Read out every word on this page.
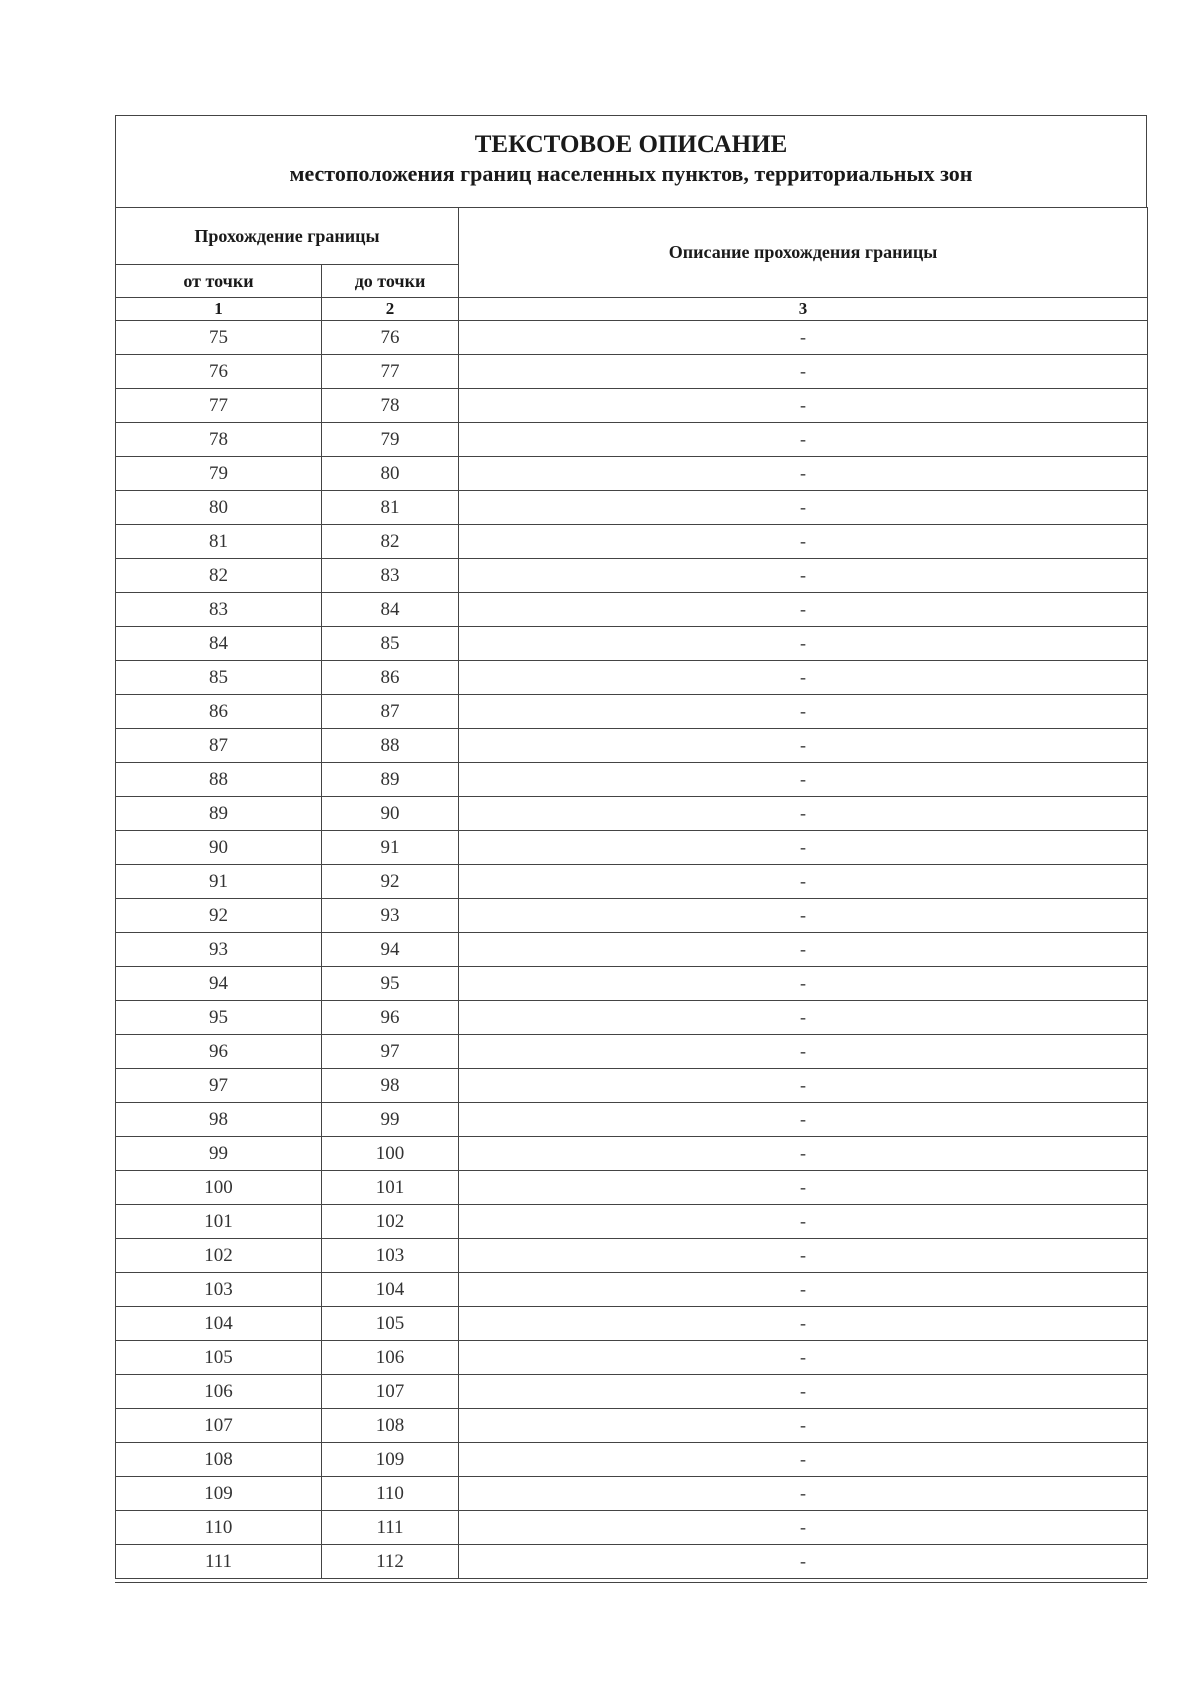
ТЕКСТОВОЕ ОПИСАНИЕ
местоположения границ населенных пунктов, территориальных зон
Прохождение границы		Описание прохождения границы
от точки	до точки	
1	2	3
75	76	-
76	77	-
77	78	-
78	79	-
79	80	-
80	81	-
81	82	-
82	83	-
83	84	-
84	85	-
85	86	-
86	87	-
87	88	-
88	89	-
89	90	-
90	91	-
91	92	-
92	93	-
93	94	-
94	95	-
95	96	-
96	97	-
97	98	-
98	99	-
99	100	-
100	101	-
101	102	-
102	103	-
103	104	-
104	105	-
105	106	-
106	107	-
107	108	-
108	109	-
109	110	-
110	111	-
111	112	-
